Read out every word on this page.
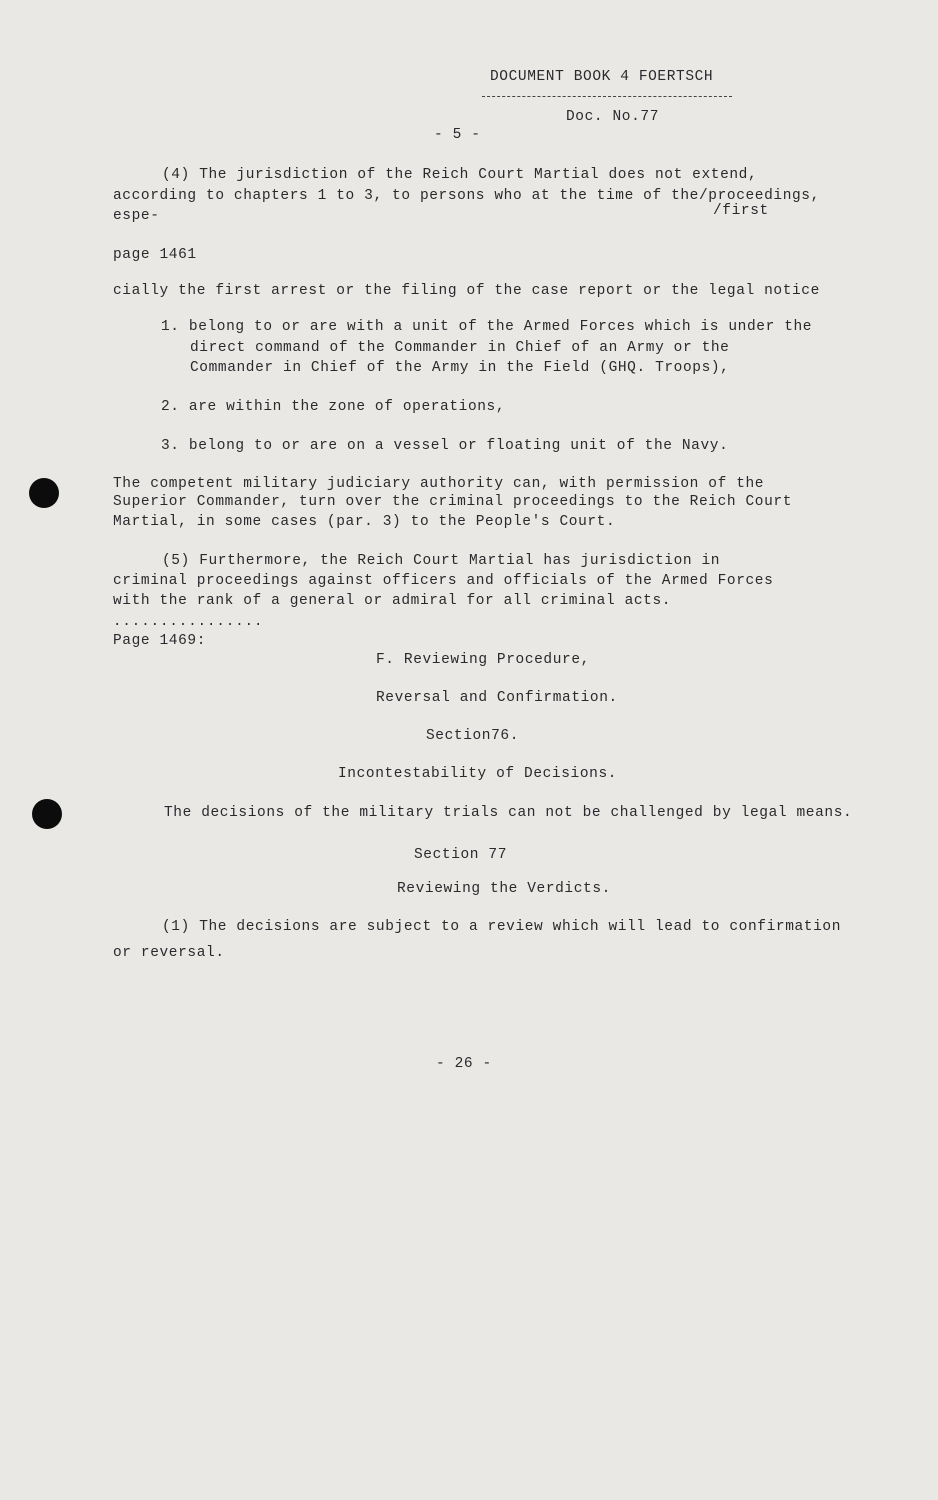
DOCUMENT BOOK 4 FOERTSCH
Doc. No.77
- 5 -
(4) The jurisdiction of the Reich Court Martial does not extend,
according to chapters 1 to 3, to persons who at the time of the/proceedings,
espe-	/first
page 1461
cially the first arrest or the filing of the case report or the legal notice
1. belong to or are with a unit of the Armed Forces which is under the
direct command of the Commander in Chief of an Army or the
Commander in Chief of the Army in the Field (GHQ. Troops),
2. are within the zone of operations,
3. belong to or are on a vessel or floating unit of the Navy.
The competent military judiciary authority can, with permission of the
Superior Commander, turn over the criminal proceedings to the Reich Court
Martial, in some cases (par. 3) to the People's Court.
(5) Furthermore, the Reich Court Martial has jurisdiction in
criminal proceedings against officers and officials of the Armed Forces
with the rank of a general or admiral for all criminal acts.
................
Page 1469:
F. Reviewing Procedure,
Reversal and Confirmation.
Section76.
Incontestability of Decisions.
The decisions of the military trials can not be challenged by legal means.
Section 77
Reviewing the Verdicts.
(1) The decisions are subject to a review which will lead to confirmation
or reversal.
- 26 -
